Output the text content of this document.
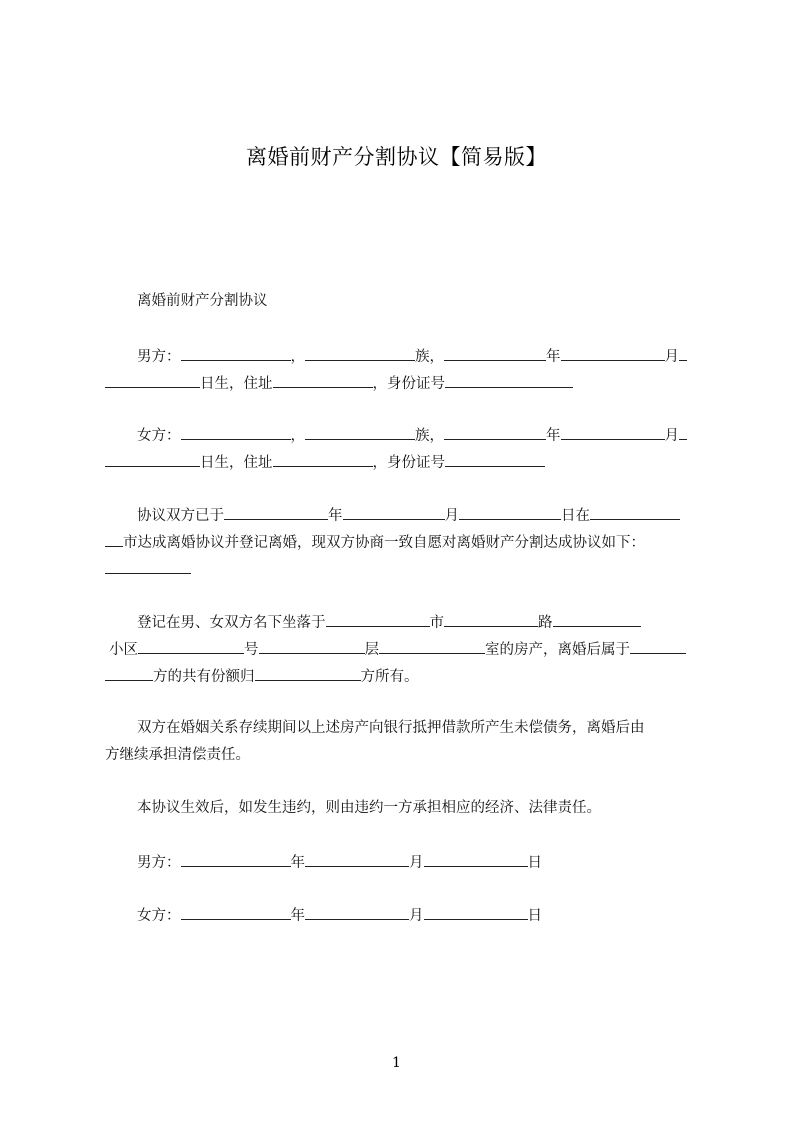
离婚前财产分割协议【简易版】
离婚前财产分割协议
男方：	，	族，	年	月
日生，住址	，身份证号
女方：	，	族，	年	月
日生，住址	，身份证号
协议双方已于	年	月	日在
市达成离婚协议并登记离婚，现双方协商一致自愿对离婚财产分割达成协议如下：
登记在男、女双方名下坐落于	市	路
小区	号	层	室的房产，离婚后属于
方的共有份额归	方所有。
双方在婚姻关系存续期间以上述房产向银行抵押借款所产生未偿债务，离婚后由
方继续承担清偿责任。
本协议生效后，如发生违约，则由违约一方承担相应的经济、法律责任。
男方：	年	月	日
女方：	年	月	日
1
